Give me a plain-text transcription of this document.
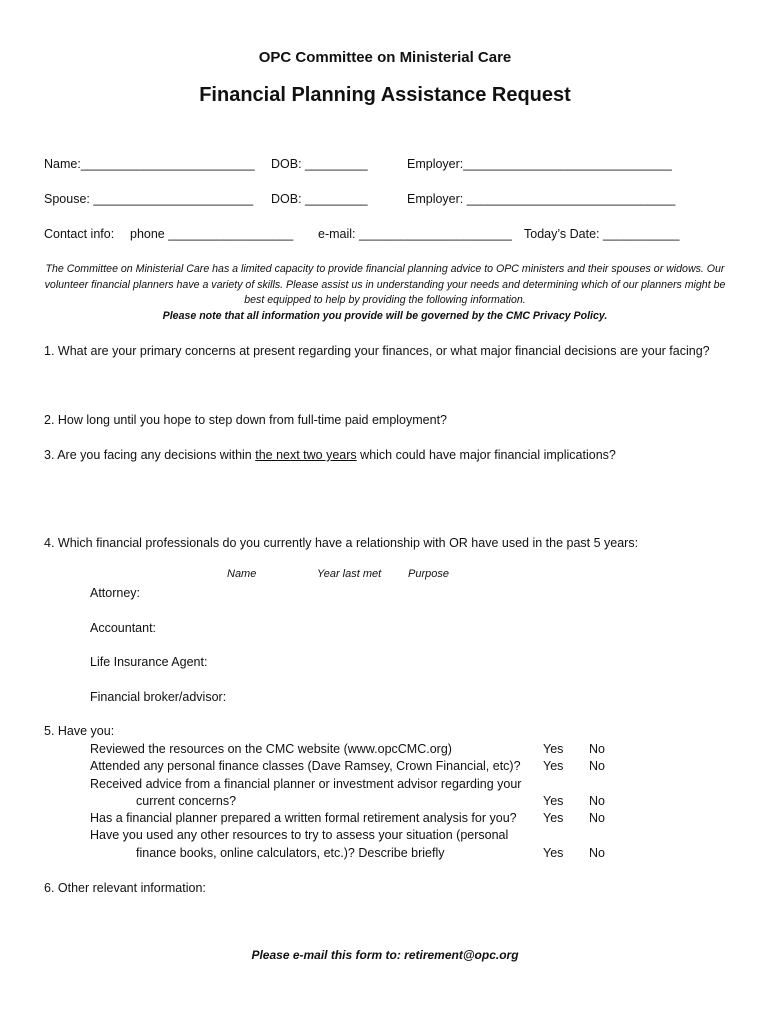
OPC Committee on Ministerial Care
Financial Planning Assistance Request
Name:_________________________ DOB: _________	Employer:______________________________
Spouse: _______________________ DOB: _________	Employer: ______________________________
Contact info: phone __________________ e-mail: ______________________ Today’s Date: ___________
The Committee on Ministerial Care has a limited capacity to provide financial planning advice to OPC ministers and their spouses or widows. Our volunteer financial planners have a variety of skills. Please assist us in understanding your needs and determining which of our planners might be best equipped to help by providing the following information.
Please note that all information you provide will be governed by the CMC Privacy Policy.
1. What are your primary concerns at present regarding your finances, or what major financial decisions are your facing?
2. How long until you hope to step down from full-time paid employment?
3. Are you facing any decisions within the next two years which could have major financial implications?
4. Which financial professionals do you currently have a relationship with OR have used in the past 5 years:
Name	Year last met Purpose
Attorney:
Accountant:
Life Insurance Agent:
Financial broker/advisor:
5. Have you:
Reviewed the resources on the CMC website (www.opcCMC.org)	Yes No
Attended any personal finance classes (Dave Ramsey, Crown Financial, etc)? Yes No
Received advice from a financial planner or investment advisor regarding your
current concerns?	Yes No
Has a financial planner prepared a written formal retirement analysis for you? Yes No
Have you used any other resources to try to assess your situation (personal
finance books, online calculators, etc.)? Describe briefly	Yes No
6. Other relevant information:
Please e-mail this form to: retirement@opc.org
